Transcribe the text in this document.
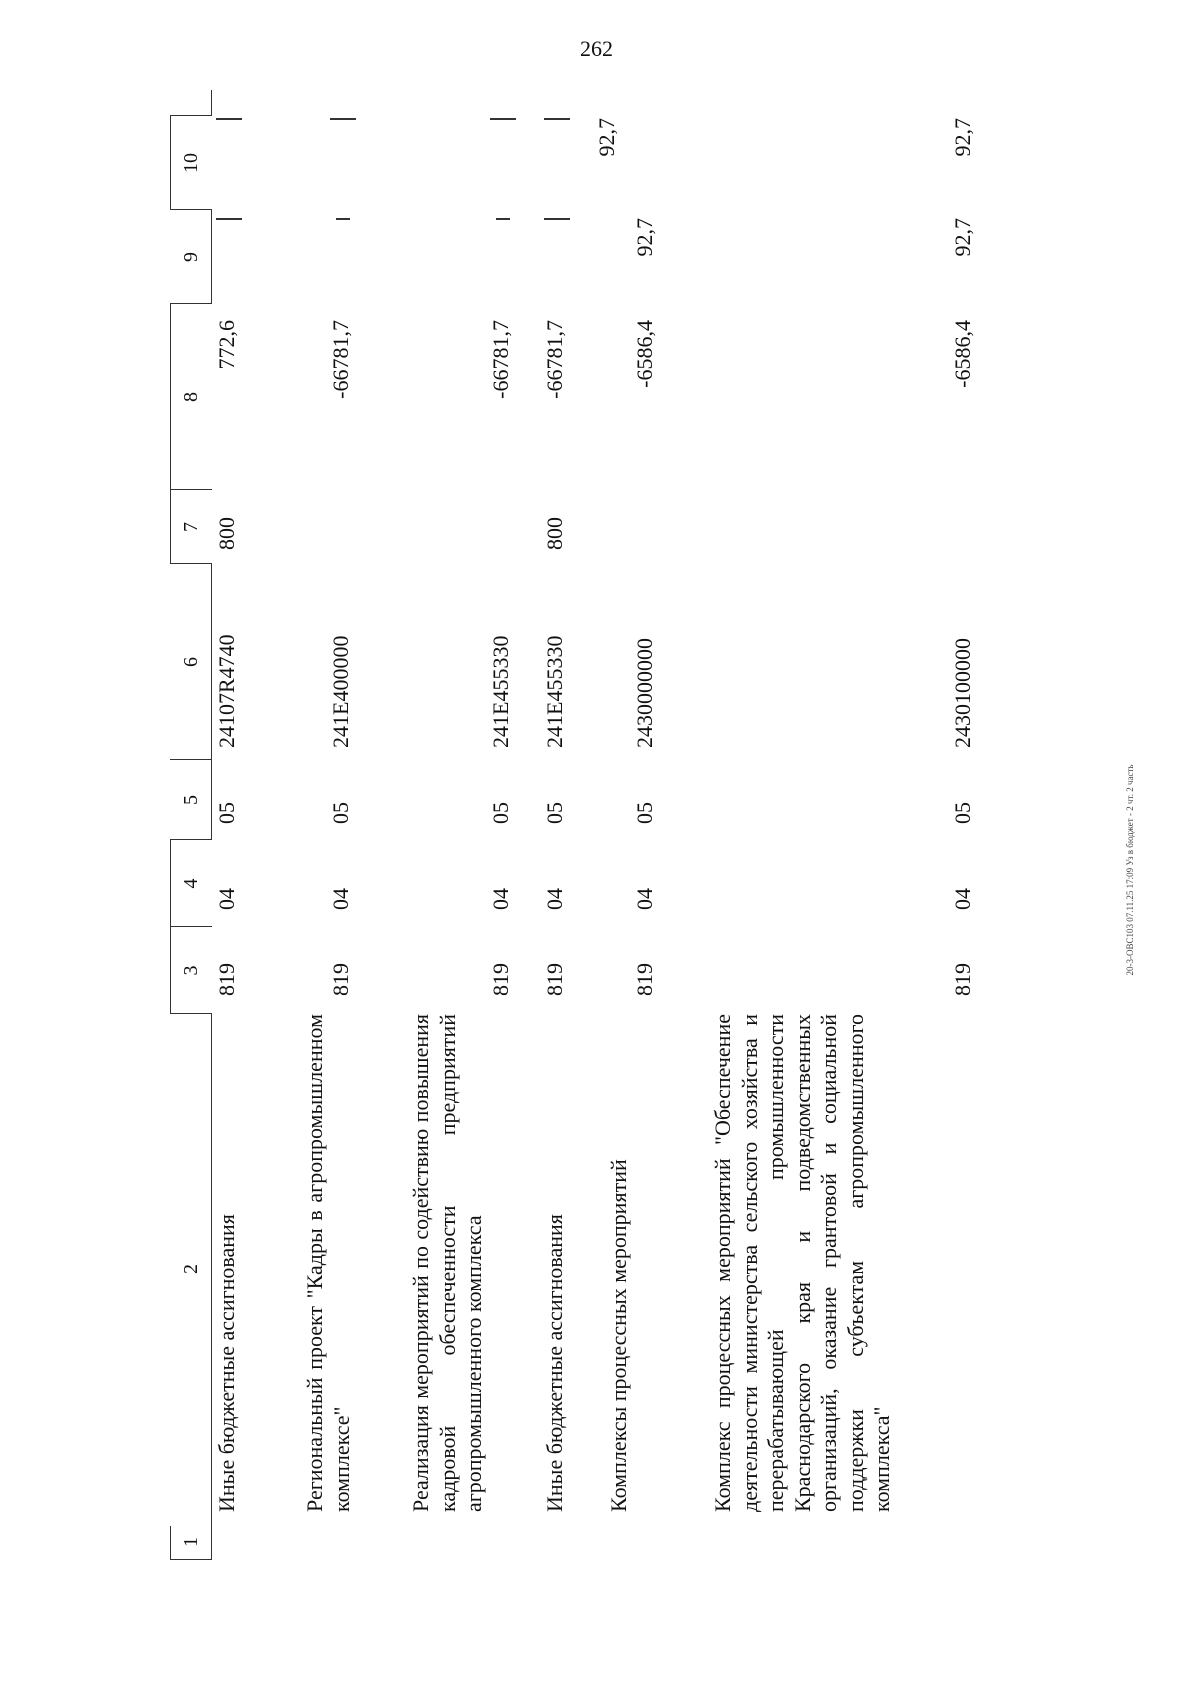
262
20-3-ОВС103 07.11.25 17:09 Уз в бюджет - 2 чт. 2 часть
1
2
3
4
5
6
7
8
9
10
Иные бюджетные ассигнования
819
04
05
24107R4740
800
772,6
Региональный проект "Кадры в агропромышленном комплексе"
819
04
05
241E400000
-66781,7
Реализация мероприятий по содействию повышения кадровой обеспеченности предприятий агропромышленного комплекса
819
04
05
241E455330
-66781,7
Иные бюджетные ассигнования
819
04
05
241E455330
800
-66781,7
Комплексы процессных мероприятий
819
04
05
2430000000
-6586,4
92,7
92,7
Комплекс процессных мероприятий "Обеспечение деятельности министерства сельского хозяйства и перерабатывающей промышленности Краснодарского края и подведомственных организаций, оказание грантовой и социальной поддержки субъектам агропромышленного комплекса"
819
04
05
2430100000
-6586,4
92,7
92,7
